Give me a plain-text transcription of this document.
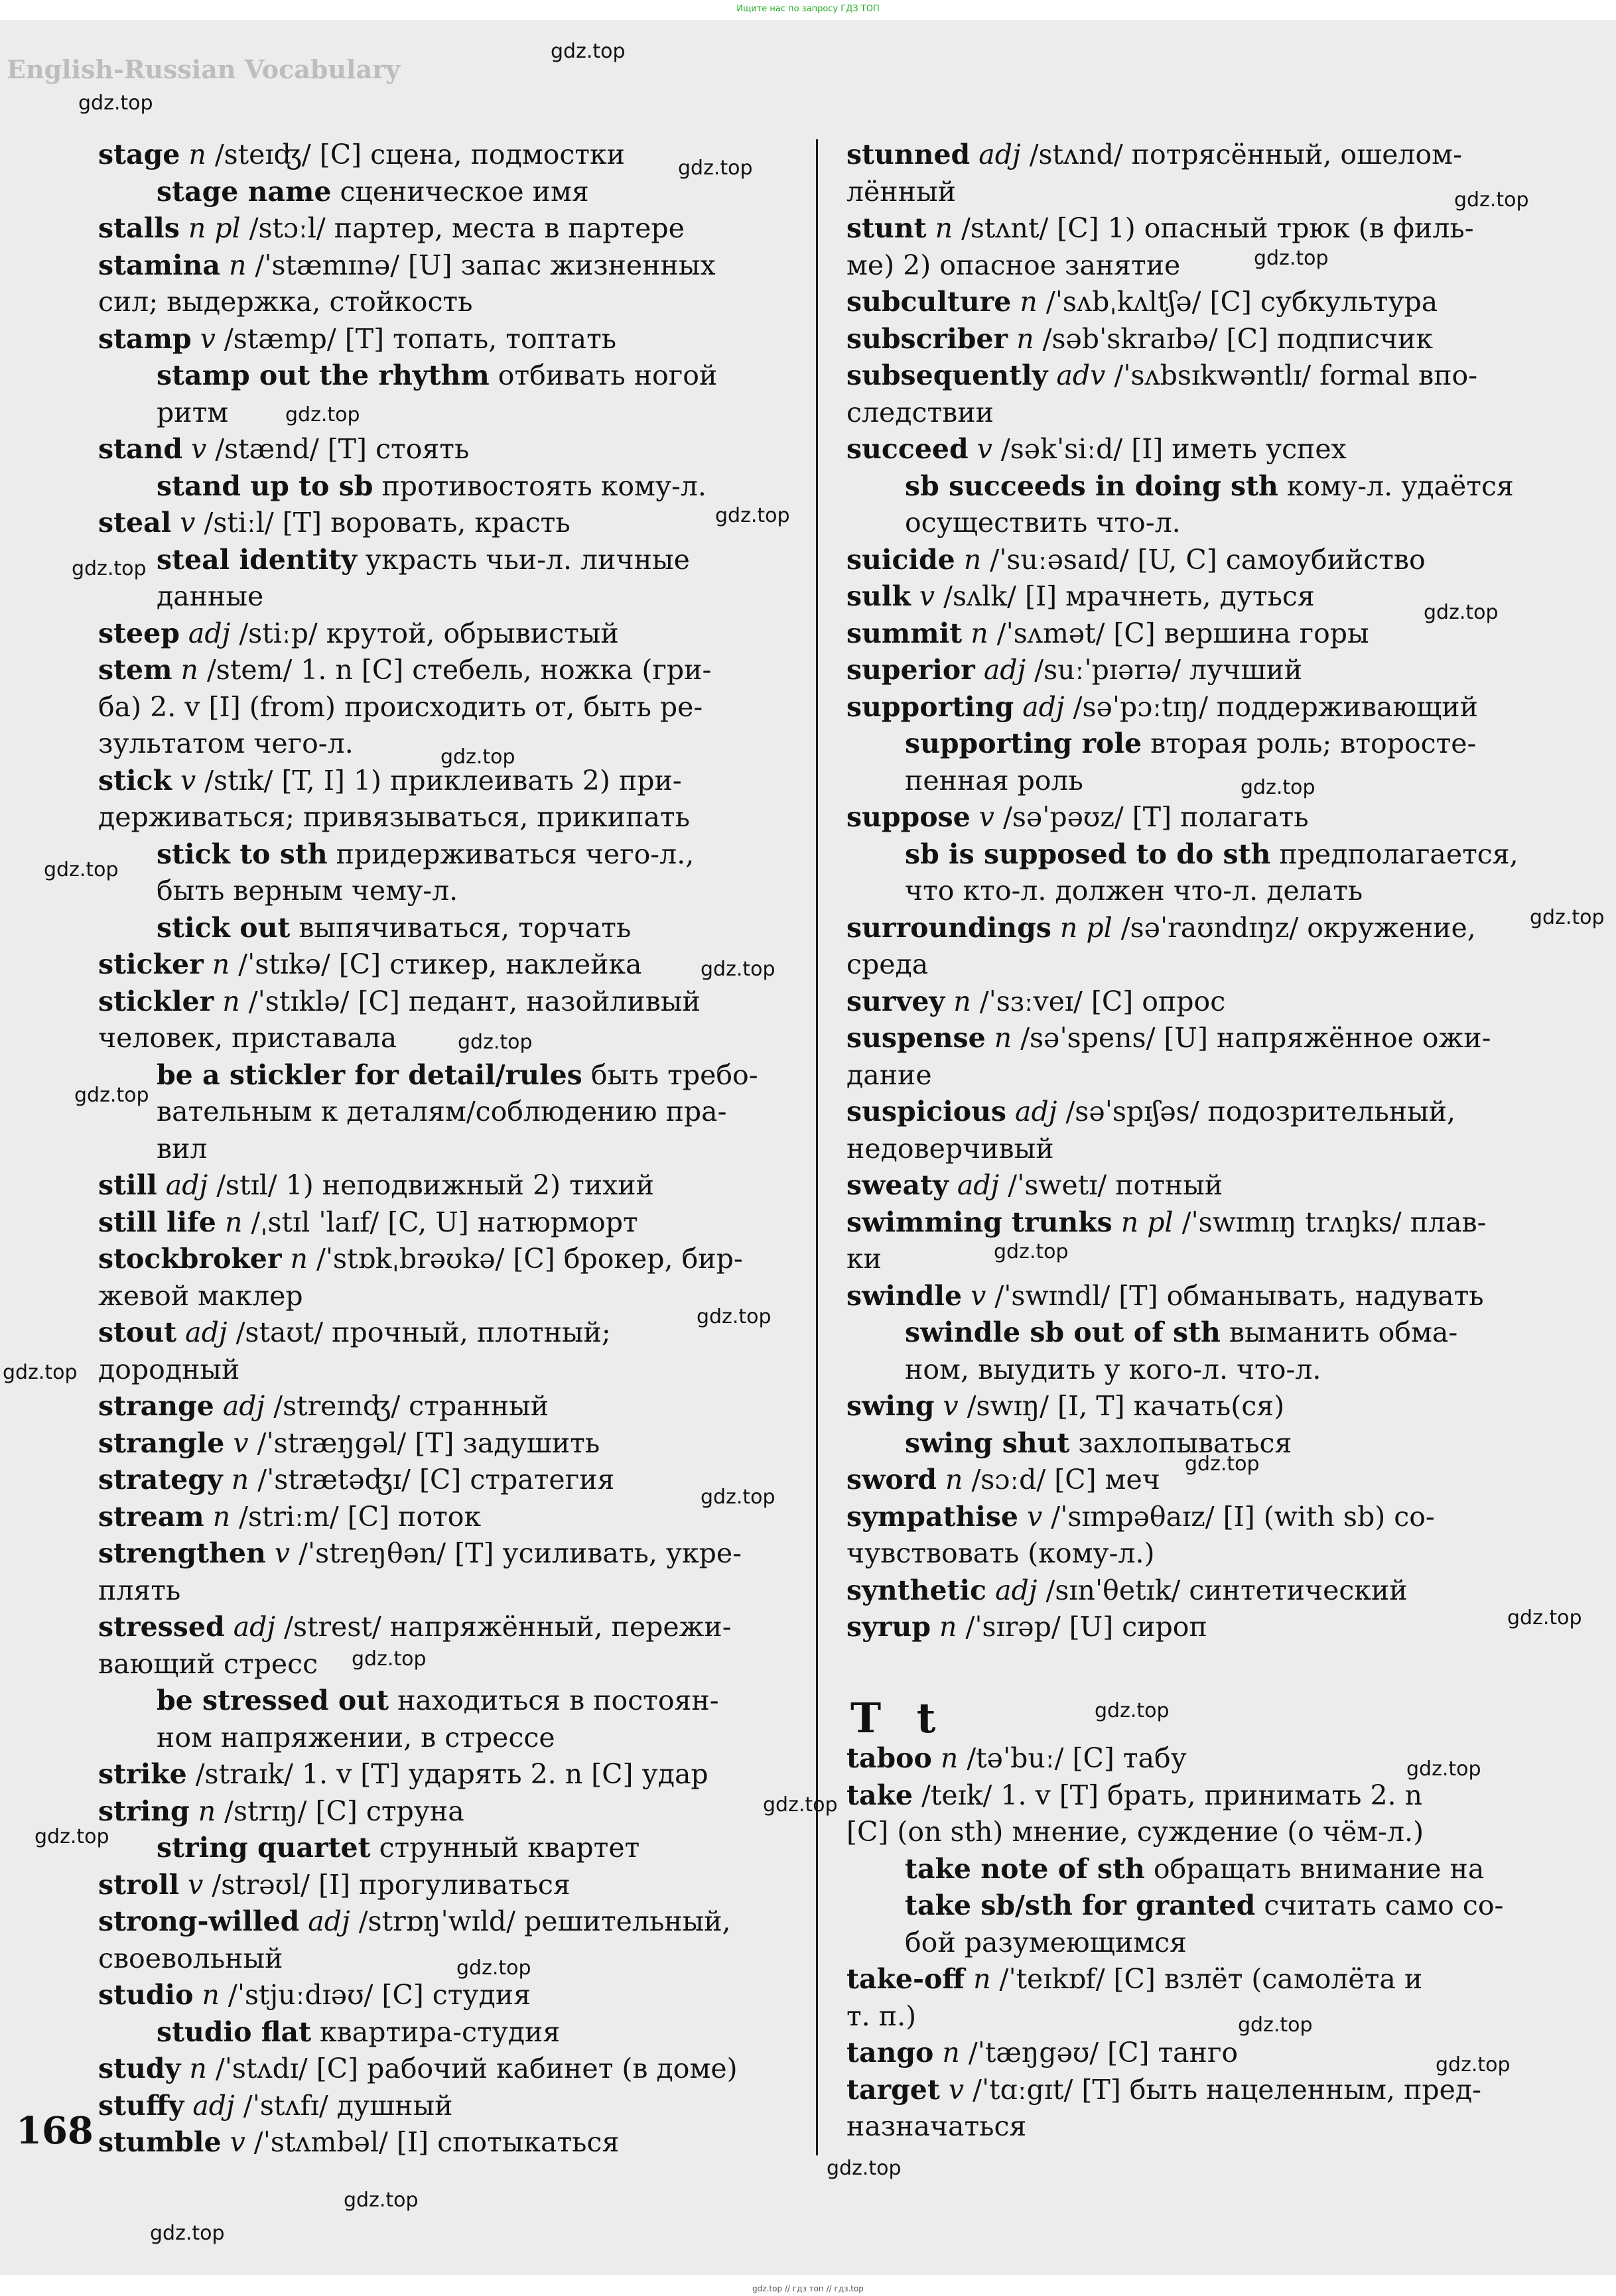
Ищите нас по запросу ГДЗ ТОП
English-Russian Vocabulary
stage n /steɪʤ/ [C] сцена, подмостки
stage name сценическое имя
stalls n pl /stɔːl/ партер, места в партере
stamina n /ˈstæmɪnə/ [U] запас жизненных
сил; выдержка, стойкость
stamp v /stæmp/ [T] топать, топтать
stamp out the rhythm отбивать ногой
ритм
stand v /stænd/ [T] стоять
stand up to sb противостоять кому-л.
steal v /stiːl/ [T] воровать, красть
steal identity украсть чьи-л. личные
данные
steep adj /stiːp/ крутой, обрывистый
stem n /stem/ 1. n [C] стебель, ножка (гри-
ба) 2. v [I] (from) происходить от, быть ре-
зультатом чего-л.
stick v /stɪk/ [T, I] 1) приклеивать 2) при-
держиваться; привязываться, прикипать
stick to sth придерживаться чего-л.,
быть верным чему-л.
stick out выпячиваться, торчать
sticker n /ˈstɪkə/ [C] стикер, наклейка
stickler n /ˈstɪklə/ [C] педант, назойливый
человек, приставала
be a stickler for detail/rules быть требо-
вательным к деталям/соблюдению пра-
вил
still adj /stɪl/ 1) неподвижный 2) тихий
still life n /ˌstɪl ˈlaɪf/ [C, U] натюрморт
stockbroker n /ˈstɒkˌbrəʊkə/ [C] брокер, бир-
жевой маклер
stout adj /staʊt/ прочный, плотный;
дородный
strange adj /streɪnʤ/ странный
strangle v /ˈstræŋgəl/ [T] задушить
strategy n /ˈstrætəʤɪ/ [C] стратегия
stream n /striːm/ [C] поток
strengthen v /ˈstreŋθən/ [T] усиливать, укре-
плять
stressed adj /strest/ напряжённый, пережи-
вающий стресс
be stressed out находиться в постоян-
ном напряжении, в стрессе
strike /straɪk/ 1. v [T] ударять 2. n [C] удар
string n /strɪŋ/ [C] струна
string quartet струнный квартет
stroll v /strəʊl/ [I] прогуливаться
strong-willed adj /strɒŋˈwɪld/ решительный,
своевольный
studio n /ˈstjuːdɪəʊ/ [C] студия
studio flat квартира-студия
study n /ˈstʌdɪ/ [C] рабочий кабинет (в доме)
stuffy adj /ˈstʌfɪ/ душный
stumble v /ˈstʌmbəl/ [I] спотыкаться
stunned adj /stʌnd/ потрясённый, ошелом-
лённый
stunt n /stʌnt/ [C] 1) опасный трюк (в филь-
ме) 2) опасное занятие
subculture n /ˈsʌbˌkʌltʃə/ [C] субкультура
subscriber n /səbˈskraɪbə/ [C] подписчик
subsequently adv /ˈsʌbsɪkwəntlɪ/ formal впо-
следствии
succeed v /səkˈsiːd/ [I] иметь успех
sb succeeds in doing sth кому-л. удаётся
осуществить что-л.
suicide n /ˈsuːəsaɪd/ [U, C] самоубийство
sulk v /sʌlk/ [I] мрачнеть, дуться
summit n /ˈsʌmət/ [C] вершина горы
superior adj /suːˈpɪərɪə/ лучший
supporting adj /səˈpɔːtɪŋ/ поддерживающий
supporting role вторая роль; второсте-
пенная роль
suppose v /səˈpəʊz/ [T] полагать
sb is supposed to do sth предполагается,
что кто-л. должен что-л. делать
surroundings n pl /səˈraʊndɪŋz/ окружение,
среда
survey n /ˈsɜːveɪ/ [C] опрос
suspense n /səˈspens/ [U] напряжённое ожи-
дание
suspicious adj /səˈspɪʃəs/ подозрительный,
недоверчивый
sweaty adj /ˈswetɪ/ потный
swimming trunks n pl /ˈswɪmɪŋ trʌŋks/ плав-
ки
swindle v /ˈswɪndl/ [T] обманывать, надувать
swindle sb out of sth выманить обма-
ном, выудить у кого-л. что-л.
swing v /swɪŋ/ [I, T] качать(ся)
swing shut захлопываться
sword n /sɔːd/ [C] меч
sympathise v /ˈsɪmpəθaɪz/ [I] (with sb) со-
чувствовать (кому-л.)
synthetic adj /sɪnˈθetɪk/ синтетический
syrup n /ˈsɪrəp/ [U] сироп
taboo n /təˈbuː/ [C] табу
take /teɪk/ 1. v [T] брать, принимать 2. n
[C] (on sth) мнение, суждение (о чём-л.)
take note of sth обращать внимание на
take sb/sth for granted считать само со-
бой разумеющимся
take-off n /ˈteɪkɒf/ [C] взлёт (самолёта и
т. п.)
tango n /ˈtæŋgəʊ/ [C] танго
target v /ˈtɑːgɪt/ [T] быть нацеленным, пред-
назначаться
T t
168
gdz.top
gdz.top
gdz.top
gdz.top
gdz.top
gdz.top
gdz.top
gdz.top
gdz.top
gdz.top
gdz.top
gdz.top
gdz.top
gdz.top
gdz.top
gdz.top
gdz.top
gdz.top
gdz.top
gdz.top
gdz.top
gdz.top
gdz.top
gdz.top
gdz.top
gdz.top
gdz.top
gdz.top
gdz.top
gdz.top
gdz.top
gdz.top
gdz.top
gdz.top // гдз топ // гдз.top
